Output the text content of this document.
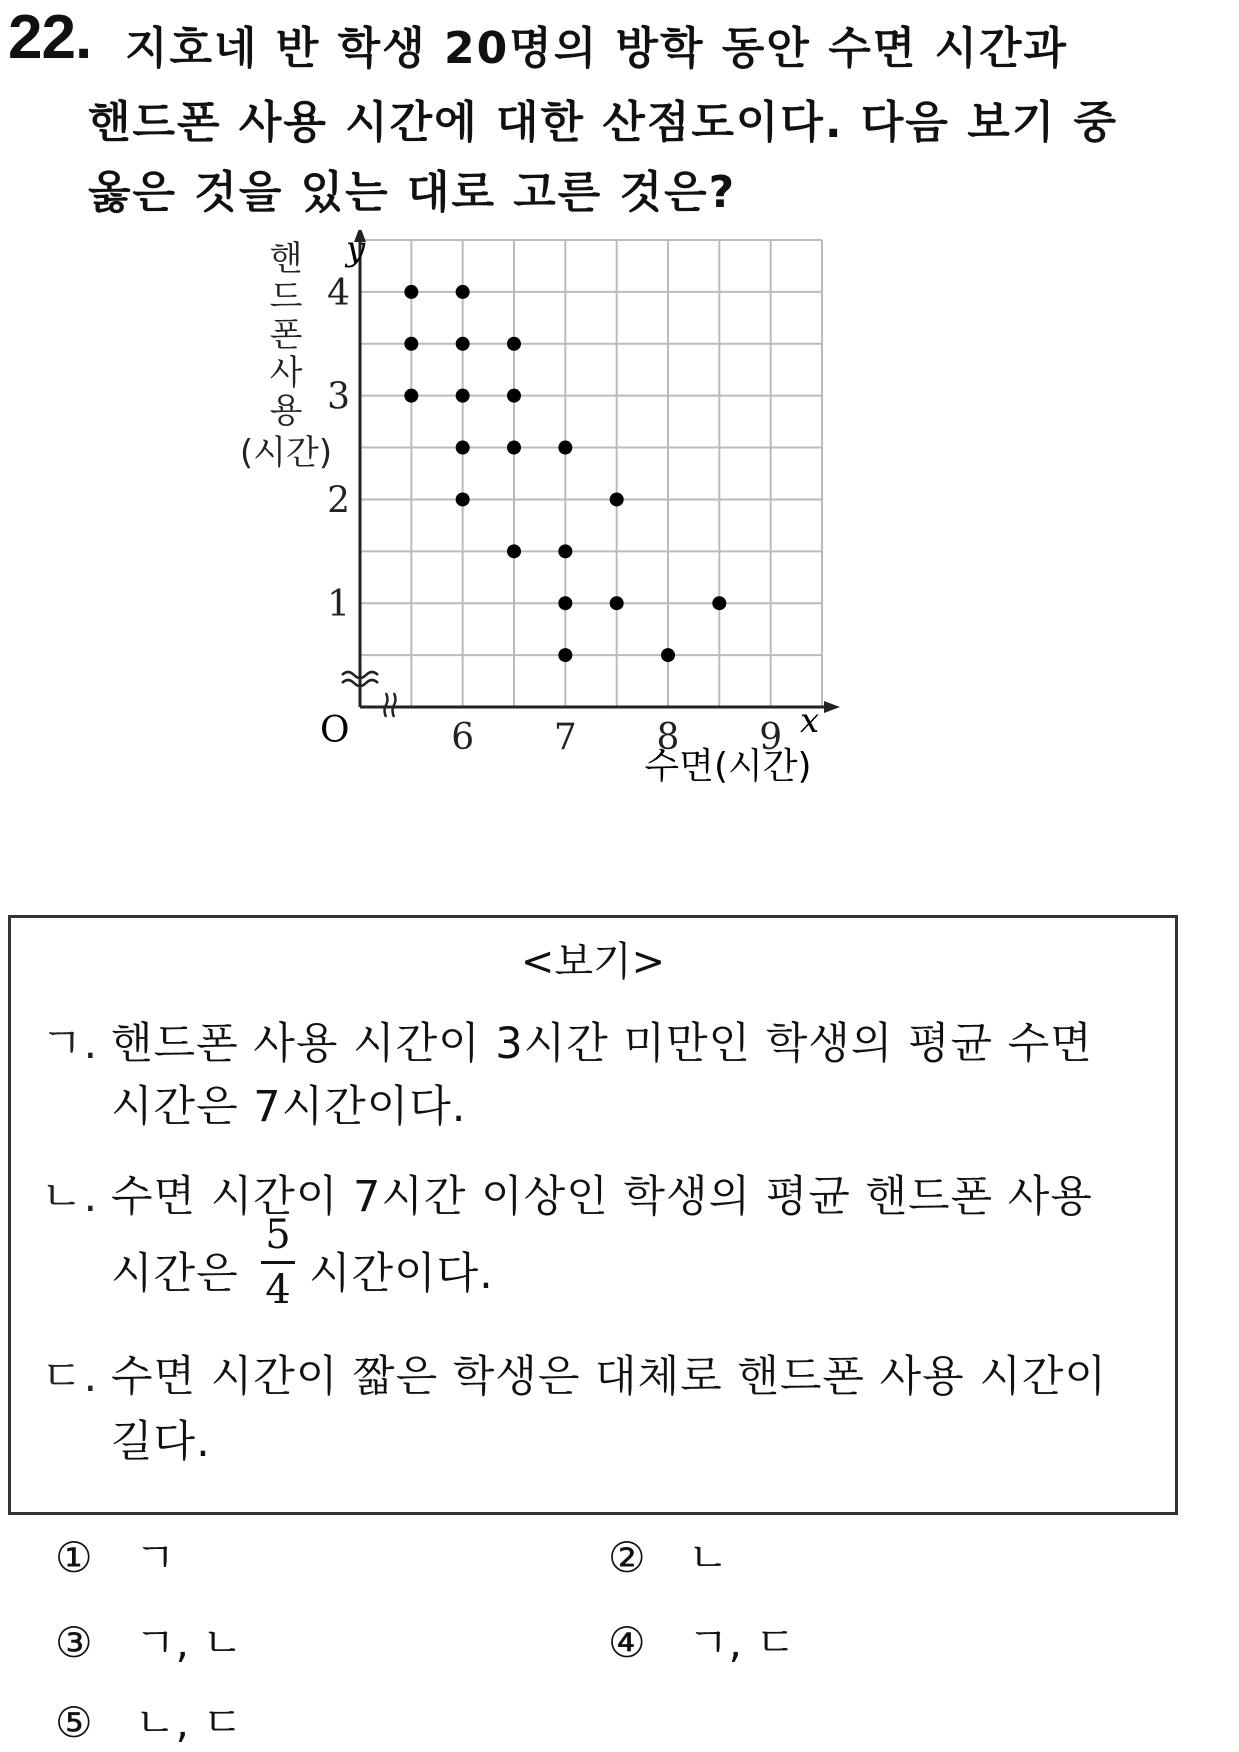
22. 지호네 반 학생 20명의 방학 동안 수면 시간과
핸드폰 사용 시간에 대한 산점도이다. 다음 보기 중
옳은 것을 있는 대로 고른 것은?
6 7 8 9
1
2
3
4
y
x
O
핸
드
폰
사
용
(시간)
수면(시간)
<보기>
ㄱ. 핸드폰 사용 시간이 3시간 미만인 학생의 평균 수면
시간은 7시간이다.
ㄴ. 수면 시간이 7시간 이상인 학생의 평균 핸드폰 사용
시간은
5
4 시간이다.
ㄷ. 수면 시간이 짧은 학생은 대체로 핸드폰 사용 시간이
길다.
① ㄱ	② ㄴ
③ ㄱ, ㄴ	④ ㄱ, ㄷ
⑤ ㄴ, ㄷ
